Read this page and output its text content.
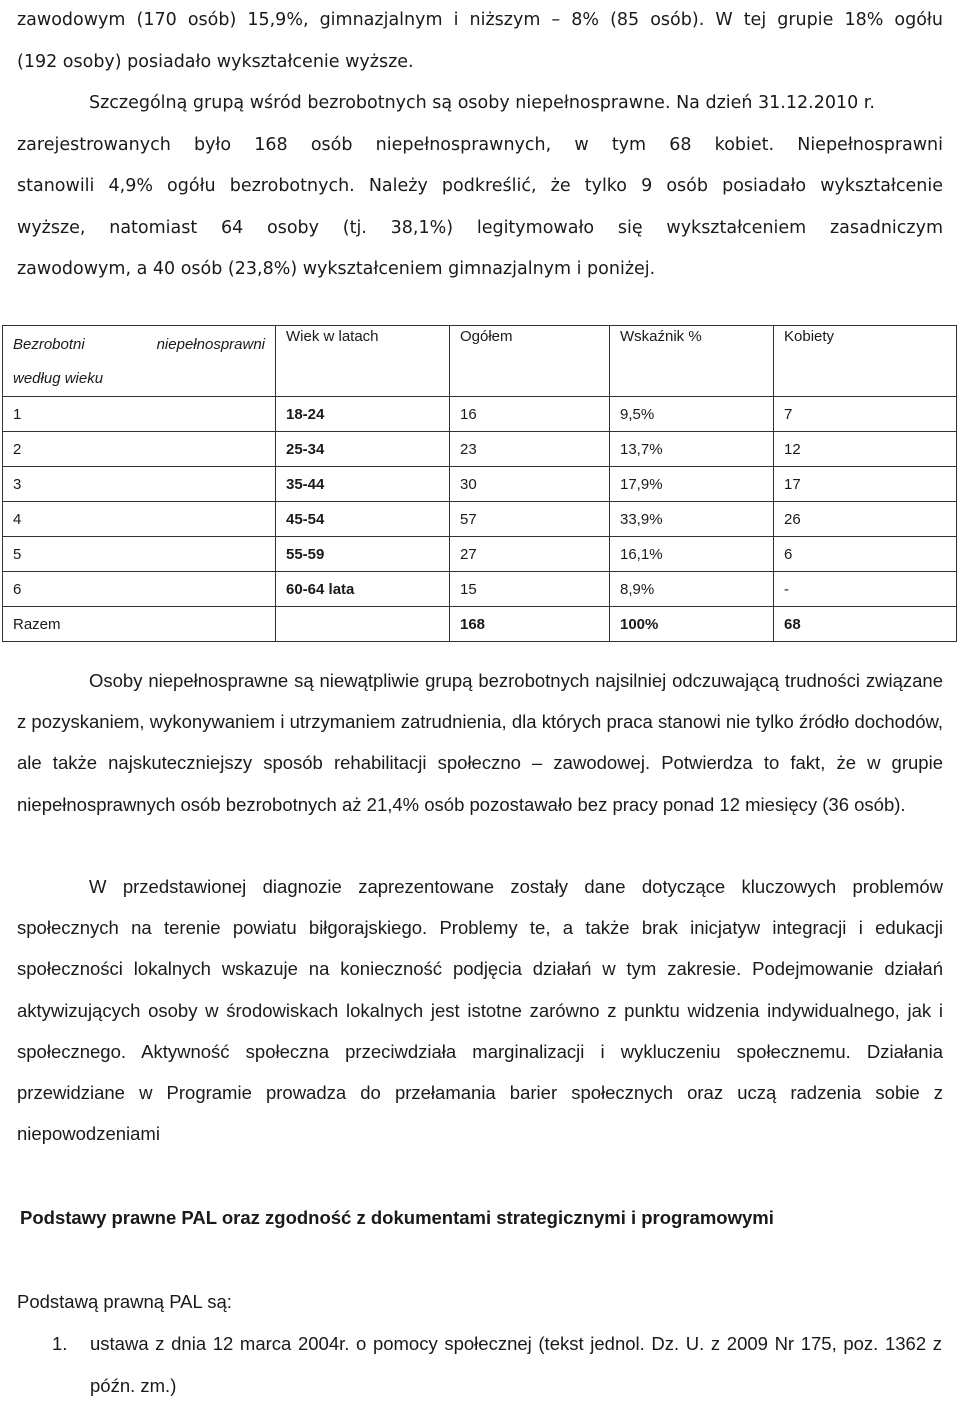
zawodowym (170 osób) 15,9%, gimnazjalnym i niższym – 8% (85 osób). W tej grupie 18% ogółu
(192 osoby) posiadało wykształcenie wyższe.
Szczególną grupą wśród bezrobotnych są osoby niepełnosprawne. Na dzień 31.12.2010 r.
zarejestrowanych było 168 osób niepełnosprawnych, w tym 68 kobiet. Niepełnosprawni
stanowili 4,9% ogółu bezrobotnych. Należy podkreślić, że tylko 9 osób posiadało wykształcenie
wyższe, natomiast 64 osoby (tj. 38,1%) legitymowało się wykształceniem zasadniczym
zawodowym, a 40 osób (23,8%) wykształceniem gimnazjalnym i poniżej.
Bezrobotni niepełnosprawni
według wieku	Wiek w latach	Ogółem	Wskaźnik %	Kobiety
1	18-24	16	9,5%	7
2	25-34	23	13,7%	12
3	35-44	30	17,9%	17
4	45-54	57	33,9%	26
5	55-59	27	16,1%	6
6	60-64 lata	15	8,9%	-
Razem		168	100%	68

Osoby niepełnosprawne są niewątpliwie grupą bezrobotnych najsilniej odczuwającą trudności związane z pozyskaniem, wykonywaniem i utrzymaniem zatrudnienia, dla których praca stanowi nie tylko źródło dochodów, ale także najskuteczniejszy sposób rehabilitacji społeczno – zawodowej. Potwierdza to fakt, że w grupie niepełnosprawnych osób bezrobotnych aż 21,4% osób pozostawało bez pracy ponad 12 miesięcy (36 osób).

W przedstawionej diagnozie zaprezentowane zostały dane dotyczące kluczowych problemów społecznych na terenie powiatu biłgorajskiego. Problemy te, a także brak inicjatyw integracji i edukacji społeczności lokalnych wskazuje na konieczność podjęcia działań w tym zakresie. Podejmowanie działań aktywizujących osoby w środowiskach lokalnych jest istotne zarówno z punktu widzenia indywidualnego, jak i społecznego. Aktywność społeczna przeciwdziała marginalizacji i wykluczeniu społecznemu. Działania przewidziane w Programie prowadza do przełamania barier społecznych oraz uczą radzenia sobie z niepowodzeniami

Podstawy prawne PAL oraz zgodność z dokumentami strategicznymi i programowymi

Podstawą prawną PAL są:

1.	ustawa z dnia 12 marca 2004r. o pomocy społecznej (tekst jednol. Dz. U. z 2009 Nr 175, poz. 1362 z późn. zm.)
